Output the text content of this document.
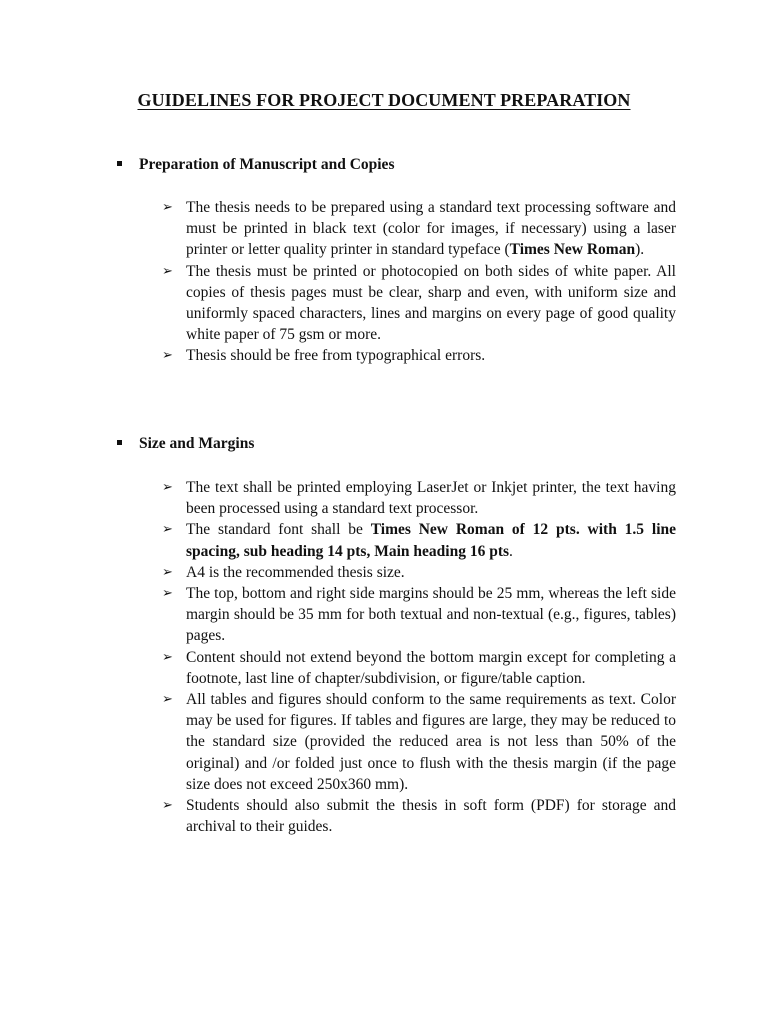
GUIDELINES FOR PROJECT DOCUMENT PREPARATION
Preparation of Manuscript and Copies
➢ The thesis needs to be prepared using a standard text processing software and must be printed in black text (color for images, if necessary) using a laser printer or letter quality printer in standard typeface (Times New Roman).
➢ The thesis must be printed or photocopied on both sides of white paper. All copies of thesis pages must be clear, sharp and even, with uniform size and uniformly spaced characters, lines and margins on every page of good quality white paper of 75 gsm or more.
➢ Thesis should be free from typographical errors.
Size and Margins
➢ The text shall be printed employing LaserJet or Inkjet printer, the text having been processed using a standard text processor.
➢ The standard font shall be Times New Roman of 12 pts. with 1.5 line spacing, sub heading 14 pts, Main heading 16 pts.
➢ A4 is the recommended thesis size.
➢ The top, bottom and right side margins should be 25 mm, whereas the left side margin should be 35 mm for both textual and non-textual (e.g., figures, tables) pages.
➢ Content should not extend beyond the bottom margin except for completing a footnote, last line of chapter/subdivision, or figure/table caption.
➢ All tables and figures should conform to the same requirements as text. Color may be used for figures. If tables and figures are large, they may be reduced to the standard size (provided the reduced area is not less than 50% of the original) and /or folded just once to flush with the thesis margin (if the page size does not exceed 250x360 mm).
➢ Students should also submit the thesis in soft form (PDF) for storage and archival to their guides.
